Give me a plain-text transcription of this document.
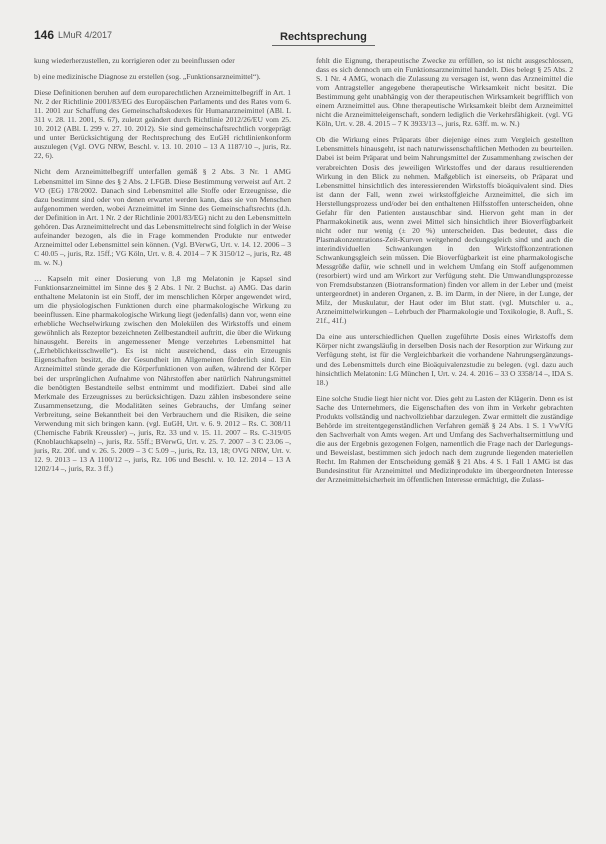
146 LMuR 4/2017	Rechtsprechung

kung wiederherzustellen, zu korrigieren oder zu beeinflussen oder

b) eine medizinische Diagnose zu erstellen (sog. „Funktionsarzneimittel“).

Diese Definitionen beruhen auf dem europarechtlichen Arzneimittelbegriff in Art. 1 Nr. 2 der Richtlinie 2001/83/EG des Europäischen Parlaments und des Rates vom 6. 11. 2001 zur Schaffung des Gemeinschaftskodexes für Humanarzneimittel (ABl. L 311 v. 28. 11. 2001, S. 67), zuletzt geändert durch Richtlinie 2012/26/EU vom 25. 10. 2012 (ABl. L 299 v. 27. 10. 2012). Sie sind gemeinschaftsrechtlich vorgeprägt und unter Berücksichtigung der Rechtsprechung des EuGH richtlinienkonform auszulegen (Vgl. OVG NRW, Beschl. v. 13. 10. 2010 – 13 A 1187/10 –, juris, Rz. 22, 6).

Nicht dem Arzneimittelbegriff unterfallen gemäß § 2 Abs. 3 Nr. 1 AMG Lebensmittel im Sinne des § 2 Abs. 2 LFGB. Diese Bestimmung verweist auf Art. 2 VO (EG) 178/2002. Danach sind Lebensmittel alle Stoffe oder Erzeugnisse, die dazu bestimmt sind oder von denen erwartet werden kann, dass sie von Menschen aufgenommen werden, wobei Arzneimittel im Sinne des Gemeinschaftsrechts (d.h. der Definition in Art. 1 Nr. 2 der Richtlinie 2001/83/EG) nicht zu den Lebensmitteln gehören. Das Arzneimittelrecht und das Lebensmittelrecht sind folglich in der Weise aufeinander bezogen, als die in Frage kommenden Produkte nur entweder Arzneimittel oder Lebensmittel sein können. (Vgl. BVerwG, Urt. v. 14. 12. 2006 – 3 C 40.05 –, juris, Rz. 15ff.; VG Köln, Urt. v. 8. 4. 2014 – 7 K 3150/12 –, juris, Rz. 48 m. w. N.)

… Kapseln mit einer Dosierung von 1,8 mg Melatonin je Kapsel sind Funktionsarzneimittel im Sinne des § 2 Abs. 1 Nr. 2 Buchst. a) AMG. Das darin enthaltene Melatonin ist ein Stoff, der im menschlichen Körper angewendet wird, um die physiologischen Funktionen durch eine pharmakologische Wirkung zu beeinflussen. Eine pharmakologische Wirkung liegt (jedenfalls) dann vor, wenn eine erhebliche Wechselwirkung zwischen den Molekülen des Wirkstoffs und einem gewöhnlich als Rezeptor bezeichneten Zellbestandteil auftritt, die über die Wirkung hinausgeht. Bereits in angemessener Menge verzehrtes Lebensmittel hat („Erheblichkeitsschwelle“). Es ist nicht ausreichend, dass ein Erzeugnis Eigenschaften besitzt, die der Gesundheit im Allgemeinen förderlich sind. Ein Arzneimittel stünde gerade die Körperfunktionen von außen, während der Körper bei der ursprünglichen Aufnahme von Nährstoffen aber natürlich Nahrungsmittel die benötigten Bestandteile selbst entnimmt und modifiziert. Dabei sind alle Merkmale des Erzeugnisses zu berücksichtigen. Dazu zählen insbesondere seine Zusammensetzung, die Modalitäten seines Gebrauchs, der Umfang seiner Verbreitung, seine Bekanntheit bei den Verbrauchern und die Risiken, die seine Verwendung mit sich bringen kann. (vgl. EuGH, Urt. v. 6. 9. 2012 – Rs. C. 308/11 (Chemische Fabrik Kreussler) –, juris, Rz. 33 und v. 15. 11. 2007 – Rs. C-319/05 (Knoblauchkapseln) –, juris, Rz. 55ff.; BVerwG, Urt. v. 25. 7. 2007 – 3 C 23.06 –, juris, Rz. 20f. und v. 26. 5. 2009 – 3 C 5.09 –, juris, Rz. 13, 18; OVG NRW, Urt. v. 12. 9. 2013 – 13 A 1100/12 –, juris, Rz. 106 und Beschl. v. 10. 12. 2014 – 13 A 1202/14 –, juris, Rz. 3 ff.)

fehlt die Eignung, therapeutische Zwecke zu erfüllen, so ist nicht ausgeschlossen, dass es sich dennoch um ein Funktionsarzneimittel handelt. Dies belegt § 25 Abs. 2 S. 1 Nr. 4 AMG, wonach die Zulassung zu versagen ist, wenn das Arzneimittel die vom Antragsteller angegebene therapeutische Wirksamkeit nicht besitzt. Die Bestimmung geht unabhängig von der therapeutischen Wirksamkeit begrifflich von einem Arzneimittel aus. Ohne therapeutische Wirksamkeit bleibt dem Arzneimittel nicht die Arzneimitteleigenschaft, sondern lediglich die Verkehrsfähigkeit. (vgl. VG Köln, Urt. v. 28. 4. 2015 – 7 K 3933/13 –, juris, Rz. 63ff. m. w. N.)

Ob die Wirkung eines Präparats über diejenige eines zum Vergleich gestellten Lebensmittels hinausgeht, ist nach naturwissenschaftlichen Methoden zu beurteilen. Dabei ist beim Präparat und beim Nahrungsmittel der Zusammenhang zwischen der verabreichten Dosis des jeweiligen Wirkstoffes und der daraus resultierenden Wirkung in den Blick zu nehmen. Maßgeblich ist einerseits, ob Präparat und Lebensmittel hinsichtlich des interessierenden Wirkstoffs bioäquivalent sind. Dies ist dann der Fall, wenn zwei wirkstoffgleiche Arzneimittel, die sich im Herstellungsprozess und/oder bei den enthaltenen Hilfsstoffen unterscheiden, ohne Gefahr für den Patienten austauschbar sind. Hiervon geht man in der Pharmakokinetik aus, wenn zwei Mittel sich hinsichtlich ihrer Bioverfügbarkeit nicht oder nur wenig (± 20 %) unterscheiden. Das bedeutet, dass die Plasmakonzentrations-Zeit-Kurven weitgehend deckungsgleich sind und auch die interindividuellen Schwankungen in den Wirkstoffkonzentrationen Schwankungsgleich sein müssen. Die Bioverfügbarkeit ist eine pharmakologische Messgröße dafür, wie schnell und in welchem Umfang ein Stoff aufgenommen (resorbiert) wird und am Wirkort zur Verfügung steht. Die Umwandlungsprozesse von Fremdsubstanzen (Biotransformation) finden vor allem in der Leber und (meist untergeordnet) in anderen Organen, z. B. im Darm, in der Niere, in der Lunge, der Milz, der Muskulatur, der Haut oder im Blut statt. (vgl. Mutschler u. a., Arzneimittelwirkungen – Lehrbuch der Pharmakologie und Toxikologie, 8. Aufl., S. 21f., 41f.)

Da eine aus unterschiedlichen Quellen zugeführte Dosis eines Wirkstoffs dem Körper nicht zwangsläufig in derselben Dosis nach der Resorption zur Wirkung zur Verfügung steht, ist für die Vergleichbarkeit die vorhandene Nahrungsergänzungs- und des Lebensmittels durch eine Bioäquivalenzstudie zu belegen. (vgl. dazu auch hinsichtlich Melatonin: LG München I, Urt. v. 24. 4. 2016 – 33 O 3358/14 –, IDA S. 18.)

Eine solche Studie liegt hier nicht vor. Dies geht zu Lasten der Klägerin. Denn es ist Sache des Unternehmers, die Eigenschaften des von ihm in Verkehr gebrachten Produkts vollständig und nachvollziehbar darzulegen. Zwar ermittelt die zuständige Behörde im streitentgegenständlichen Verfahren gemäß § 24 Abs. 1 S. 1 VwVfG den Sachverhalt von Amts wegen. Art und Umfang des Sachverhaltsermittlung und die aus der Ergebnis gezogenen Folgen, namentlich die Frage nach der Darlegungs- und Beweislast, bestimmen sich jedoch nach dem zugrunde liegenden materiellen Recht. Im Rahmen der Entscheidung gemäß § 21 Abs. 4 S. 1 Fall 1 AMG ist das Bundesinstitut für Arzneimittel und Medizinprodukte im übergeordneten Interesse der Arzneimittelsicherheit im öffentlichen Interesse ermächtigt, die Zulass-
